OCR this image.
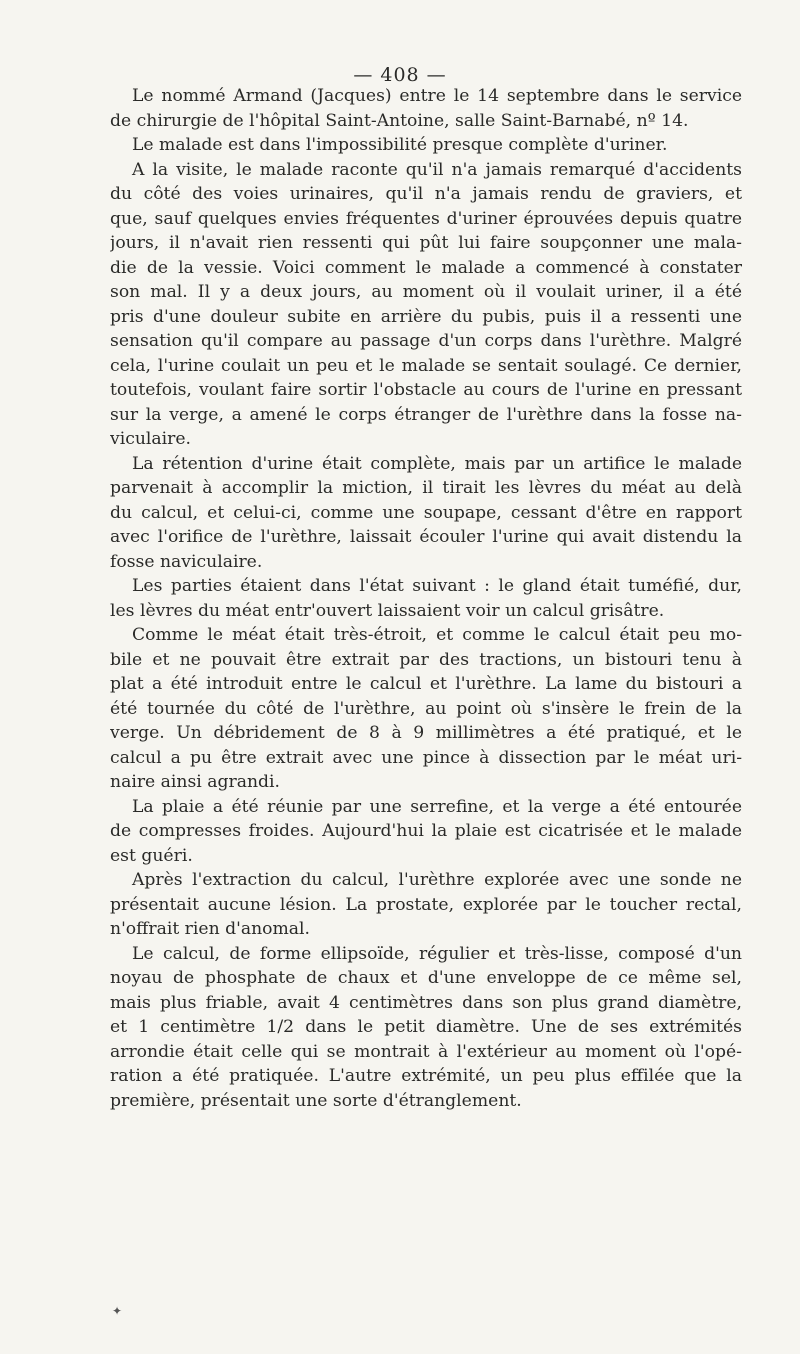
— 408 —
Le nommé Armand (Jacques) entre le 14 septembre dans le service
de chirurgie de l'hôpital Saint-Antoine, salle Saint-Barnabé, nº 14.
Le malade est dans l'impossibilité presque complète d'uriner.
A la visite, le malade raconte qu'il n'a jamais remarqué d'accidents
du côté des voies urinaires, qu'il n'a jamais rendu de graviers, et
que, sauf quelques envies fréquentes d'uriner éprouvées depuis quatre
jours, il n'avait rien ressenti qui pût lui faire soupçonner une mala-
die de la vessie. Voici comment le malade a commencé à constater
son mal. Il y a deux jours, au moment où il voulait uriner, il a été
pris d'une douleur subite en arrière du pubis, puis il a ressenti une
sensation qu'il compare au passage d'un corps dans l'urèthre. Malgré
cela, l'urine coulait un peu et le malade se sentait soulagé. Ce dernier,
toutefois, voulant faire sortir l'obstacle au cours de l'urine en pressant
sur la verge, a amené le corps étranger de l'urèthre dans la fosse na-
viculaire.
La rétention d'urine était complète, mais par un artifice le malade
parvenait à accomplir la miction, il tirait les lèvres du méat au delà
du calcul, et celui-ci, comme une soupape, cessant d'être en rapport
avec l'orifice de l'urèthre, laissait écouler l'urine qui avait distendu la
fosse naviculaire.
Les parties étaient dans l'état suivant : le gland était tuméfié, dur,
les lèvres du méat entr'ouvert laissaient voir un calcul grisâtre.
Comme le méat était très-étroit, et comme le calcul était peu mo-
bile et ne pouvait être extrait par des tractions, un bistouri tenu à
plat a été introduit entre le calcul et l'urèthre. La lame du bistouri a
été tournée du côté de l'urèthre, au point où s'insère le frein de la
verge. Un débridement de 8 à 9 millimètres a été pratiqué, et le
calcul a pu être extrait avec une pince à dissection par le méat uri-
naire ainsi agrandi.
La plaie a été réunie par une serrefine, et la verge a été entourée
de compresses froides. Aujourd'hui la plaie est cicatrisée et le malade
est guéri.
Après l'extraction du calcul, l'urèthre explorée avec une sonde ne
présentait aucune lésion. La prostate, explorée par le toucher rectal,
n'offrait rien d'anomal.
Le calcul, de forme ellipsoïde, régulier et très-lisse, composé d'un
noyau de phosphate de chaux et d'une enveloppe de ce même sel,
mais plus friable, avait 4 centimètres dans son plus grand diamètre,
et 1 centimètre 1/2 dans le petit diamètre. Une de ses extrémités
arrondie était celle qui se montrait à l'extérieur au moment où l'opé-
ration a été pratiquée. L'autre extrémité, un peu plus effilée que la
première, présentait une sorte d'étranglement.
✦
